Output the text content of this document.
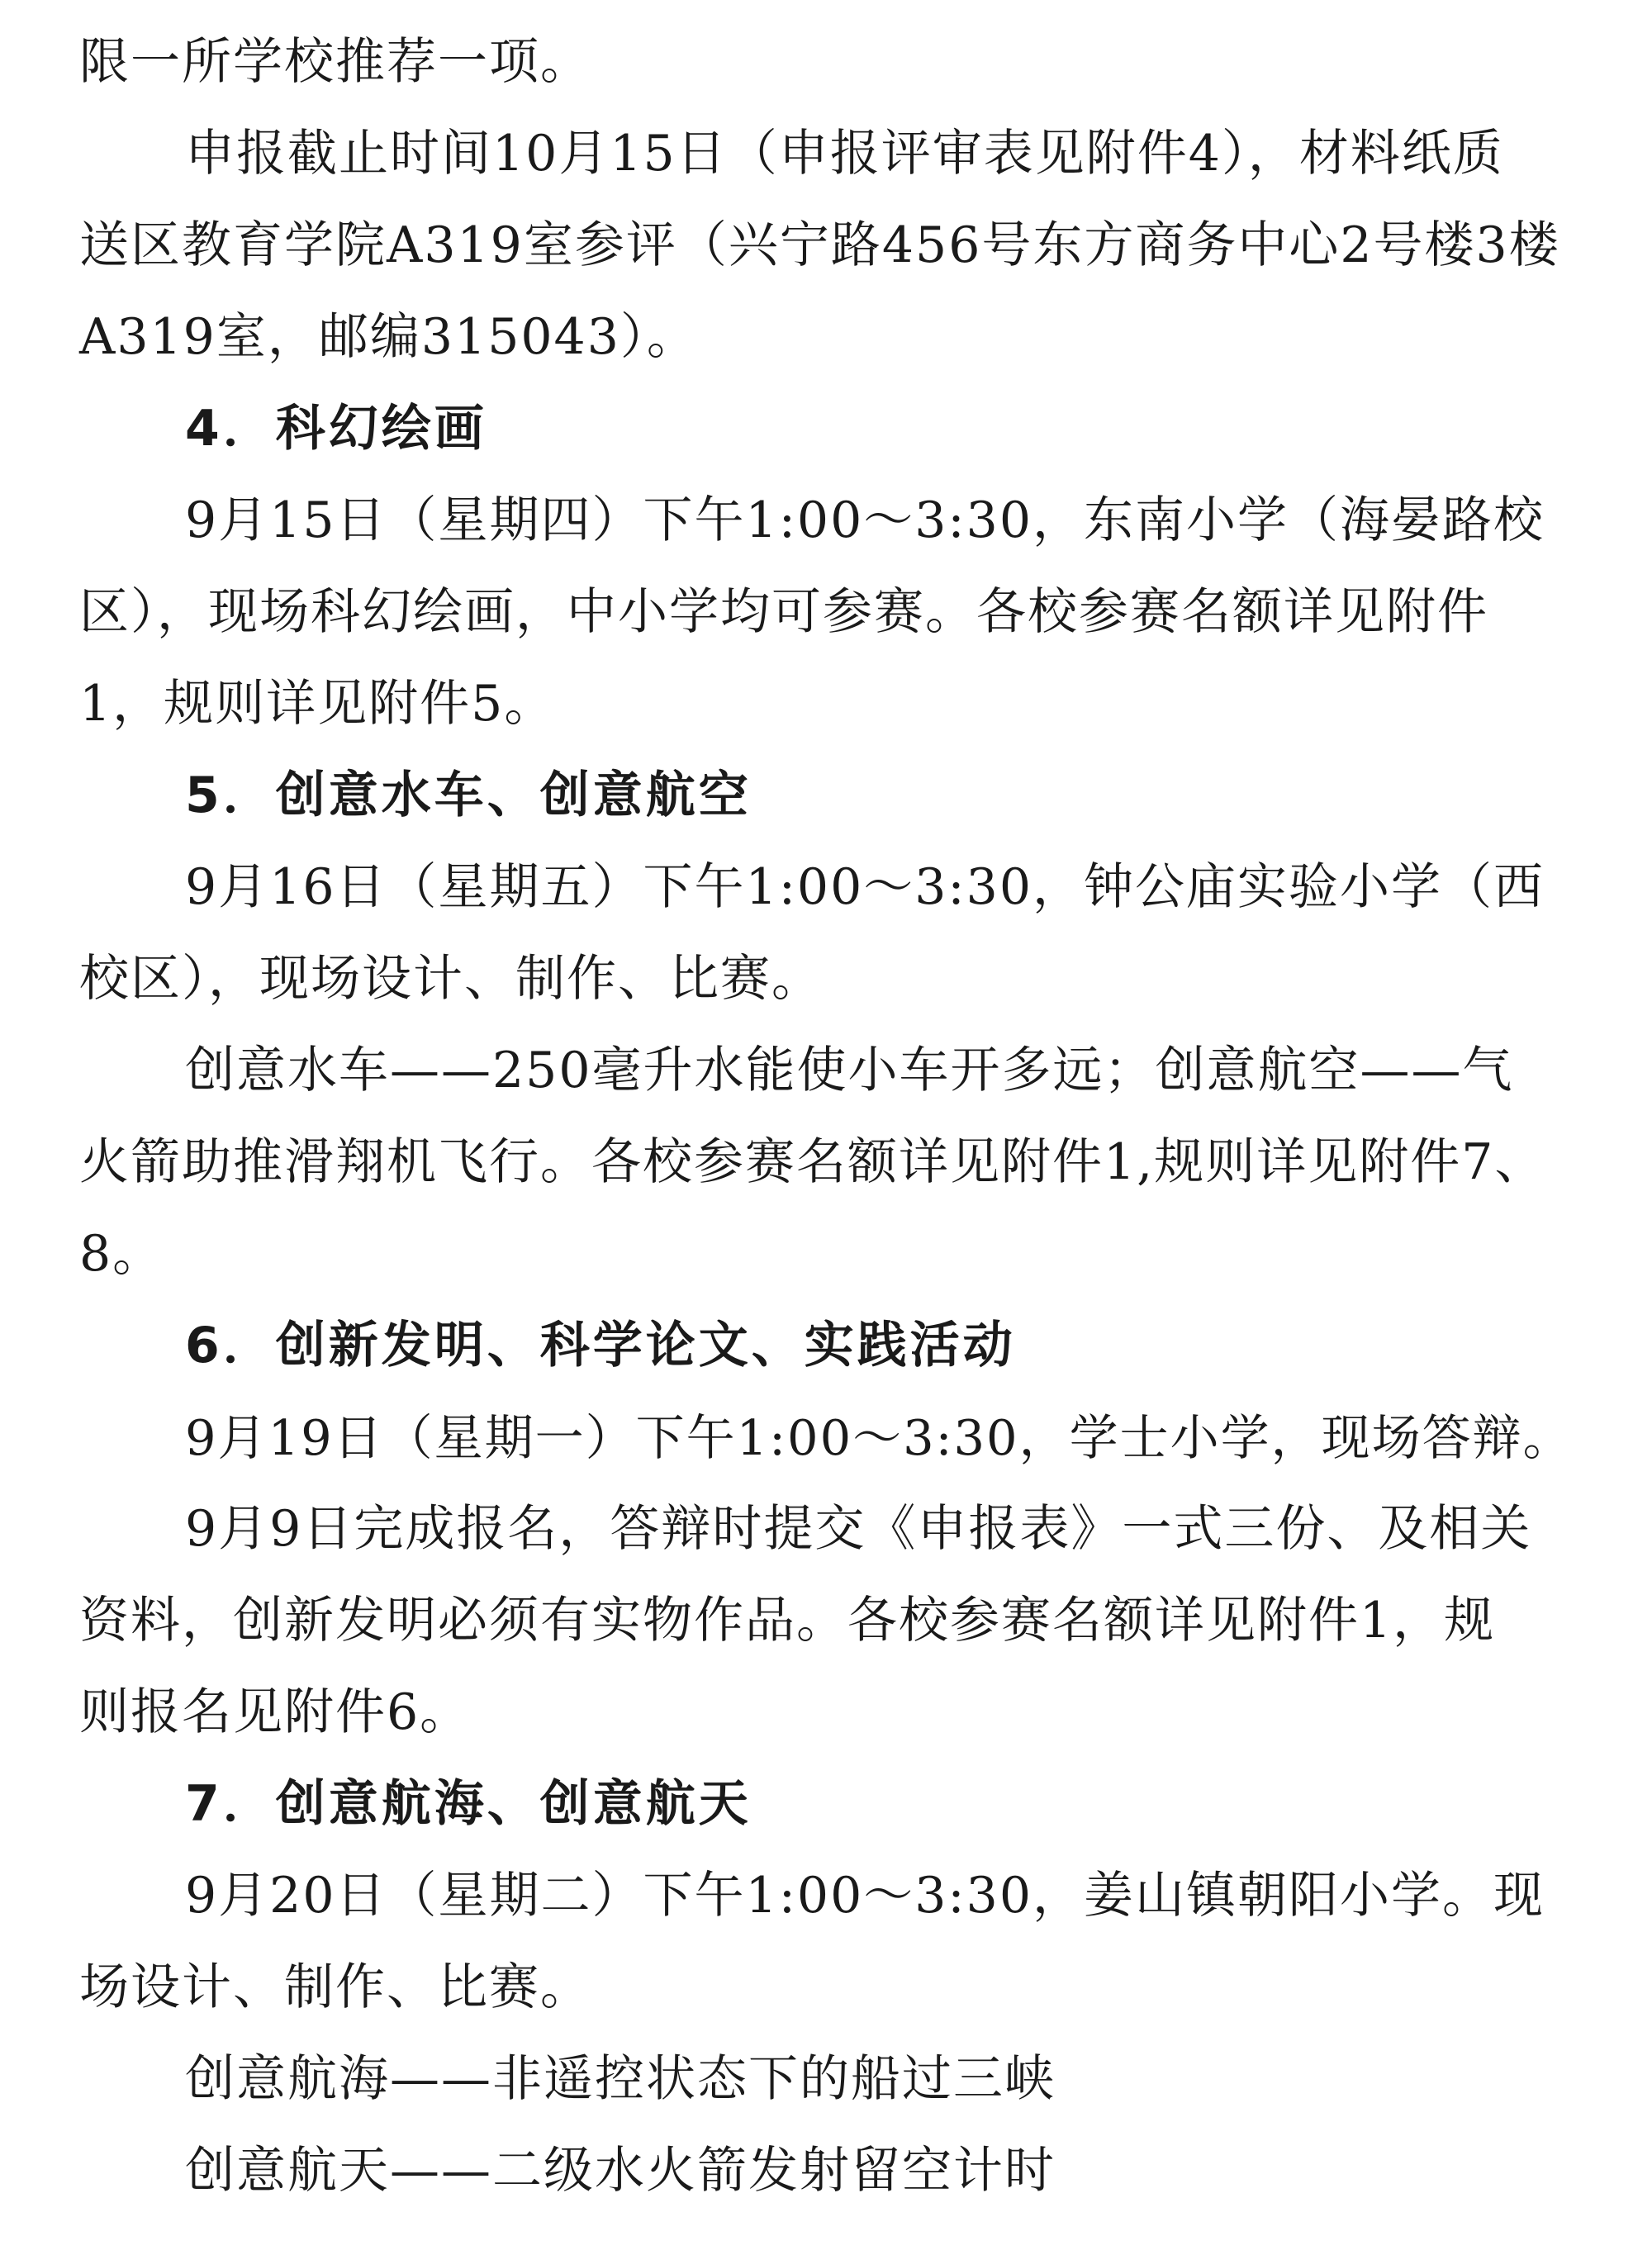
限一所学校推荐一项。
申报截止时间10月15日（申报评审表见附件4），材料纸质
送区教育学院A319室参评（兴宁路456号东方商务中心2号楼3楼
A319室，邮编315043）。
4．科幻绘画
9月15日（星期四）下午1:00～3:30，东南小学（海晏路校
区），现场科幻绘画，中小学均可参赛。各校参赛名额详见附件
1，规则详见附件5。
5．创意水车、创意航空
9月16日（星期五）下午1:00～3:30，钟公庙实验小学（西
校区），现场设计、制作、比赛。
创意水车——250毫升水能使小车开多远；创意航空——气
火箭助推滑翔机飞行。各校参赛名额详见附件1,规则详见附件7、
8。
6．创新发明、科学论文、实践活动
9月19日（星期一）下午1:00～3:30，学士小学，现场答辩。
9月9日完成报名，答辩时提交《申报表》一式三份、及相关
资料，创新发明必须有实物作品。各校参赛名额详见附件1，规
则报名见附件6。
7．创意航海、创意航天
9月20日（星期二）下午1:00～3:30，姜山镇朝阳小学。现
场设计、制作、比赛。
创意航海——非遥控状态下的船过三峡
创意航天——二级水火箭发射留空计时
